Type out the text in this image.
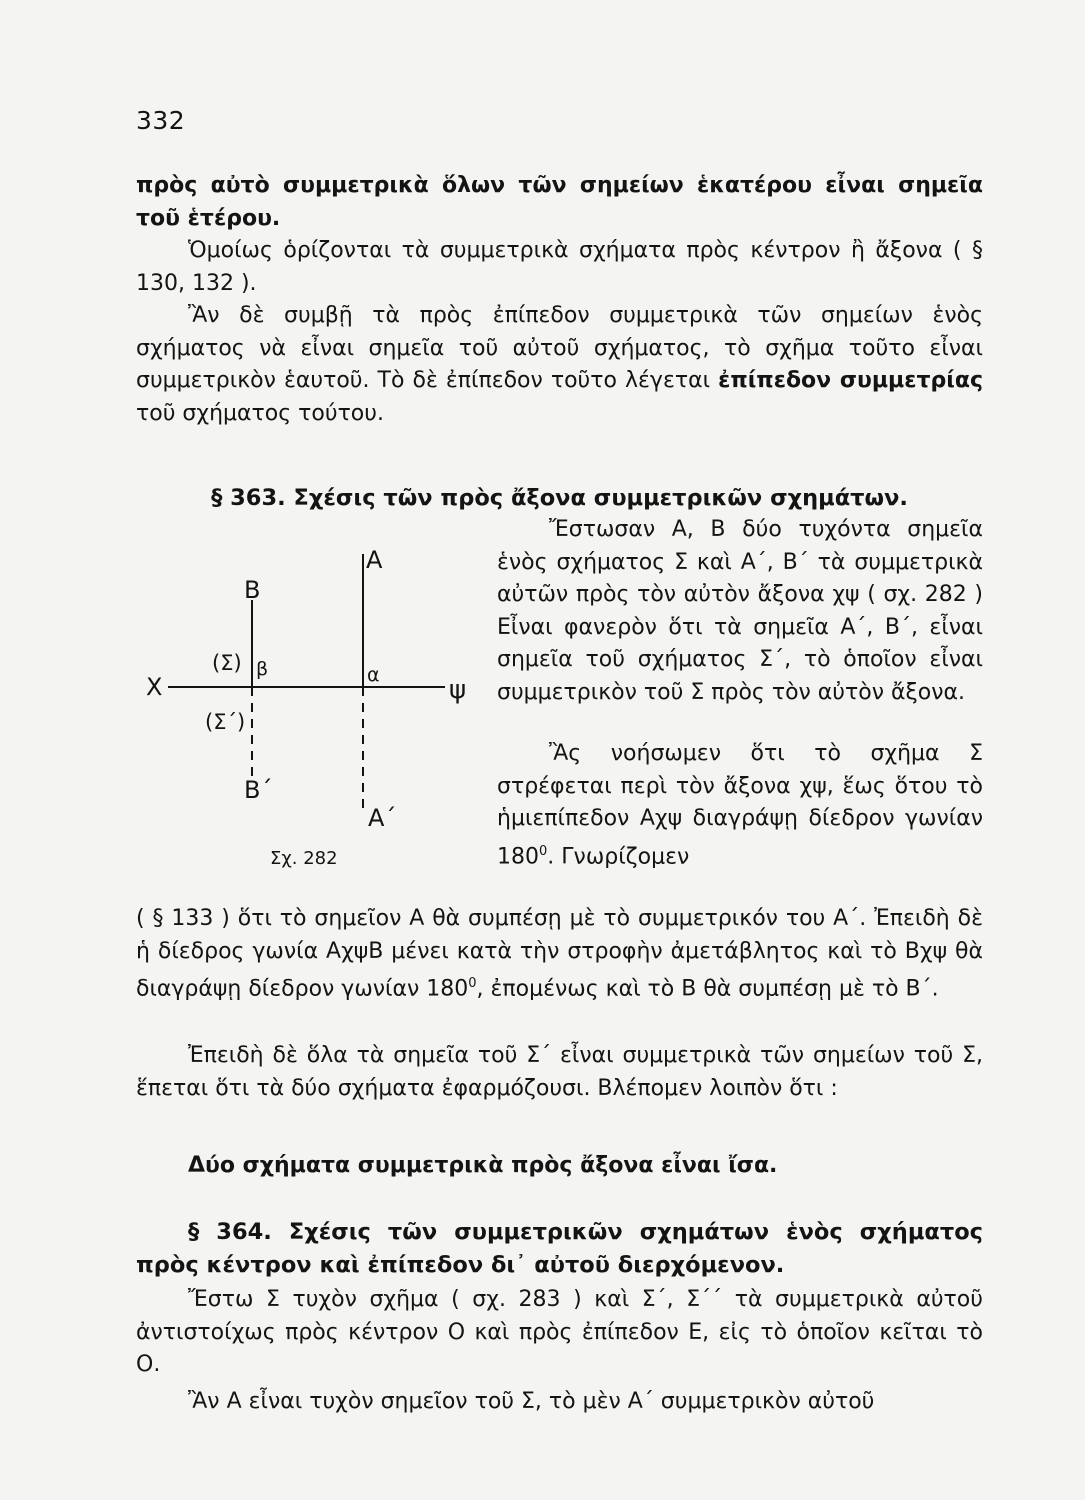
332

πρὸς αὐτὸ συμμετρικὰ ὅλων τῶν σημείων ἑκατέρου εἶναι σημεῖα τοῦ ἑτέρου.

Ὁμοίως ὁρίζονται τὰ συμμετρικὰ σχήματα πρὸς κέντρον ἢ ἄξονα ( § 130, 132 ).

Ἂν δὲ συμβῇ τὰ πρὸς ἐπίπεδον συμμετρικὰ τῶν σημείων ἑνὸς σχήματος νὰ εἶναι σημεῖα τοῦ αὐτοῦ σχήματος, τὸ σχῆμα τοῦτο εἶναι συμμετρικὸν ἑαυτοῦ. Τὸ δὲ ἐπίπεδον τοῦτο λέγεται ἐπίπεδον συμμετρίας τοῦ σχήματος τούτου.

§ 363. Σχέσις τῶν πρὸς ἄξονα συμμετρικῶν σχημάτων.

Ἔστωσαν Α, Β δύο τυχόντα σημεῖα ἑνὸς σχήματος Σ καὶ Α΄, Β΄ τὰ συμμετρικὰ αὐτῶν πρὸς τὸν αὐτὸν ἄξονα χψ ( σχ. 282 ) Εἶναι φανερὸν ὅτι τὰ σημεῖα Α΄, Β΄, εἶναι σημεῖα τοῦ σχήματος Σ΄, τὸ ὁποῖον εἶναι συμμετρικὸν τοῦ Σ πρὸς τὸν αὐτὸν ἄξονα.

Ἂς νοήσωμεν ὅτι τὸ σχῆμα Σ στρέφεται περὶ τὸν ἄξονα χψ, ἕως ὅτου τὸ ἡμιεπίπεδον Αχψ διαγράψῃ δίεδρον γωνίαν $180^0$. Γνωρίζομεν

Α
Α΄
Β
Β΄
Χ	ψ
(Σ)
(Σ΄)
α
β
Σχ. 282

( § 133 ) ὅτι τὸ σημεῖον Α θὰ συμπέσῃ μὲ τὸ συμμετρικόν του Α΄. Ἐπειδὴ δὲ ἡ δίεδρος γωνία ΑχψΒ μένει κατὰ τὴν στροφὴν ἀμετάβλητος καὶ τὸ Βχψ θὰ διαγράψῃ δίεδρον γωνίαν $180^0$, ἐπομένως καὶ τὸ Β θὰ συμπέσῃ μὲ τὸ Β΄.

Ἐπειδὴ δὲ ὅλα τὰ σημεῖα τοῦ Σ΄ εἶναι συμμετρικὰ τῶν σημείων τοῦ Σ, ἕπεται ὅτι τὰ δύο σχήματα ἐφαρμόζουσι. Βλέπομεν λοιπὸν ὅτι :

Δύο σχήματα συμμετρικὰ πρὸς ἄξονα εἶναι ἴσα.

§ 364. Σχέσις τῶν συμμετρικῶν σχημάτων ἑνὸς σχήματος πρὸς κέντρον καὶ ἐπίπεδον δι᾽ αὐτοῦ διερχόμενον.

Ἔστω Σ τυχὸν σχῆμα ( σχ. 283 ) καὶ Σ΄, Σ΄΄ τὰ συμμετρικὰ αὐτοῦ ἀντιστοίχως πρὸς κέντρον Ο καὶ πρὸς ἐπίπεδον Ε, εἰς τὸ ὁποῖον κεῖται τὸ Ο.

Ἂν Α εἶναι τυχὸν σημεῖον τοῦ Σ, τὸ μὲν Α΄ συμμετρικὸν αὐτοῦ
